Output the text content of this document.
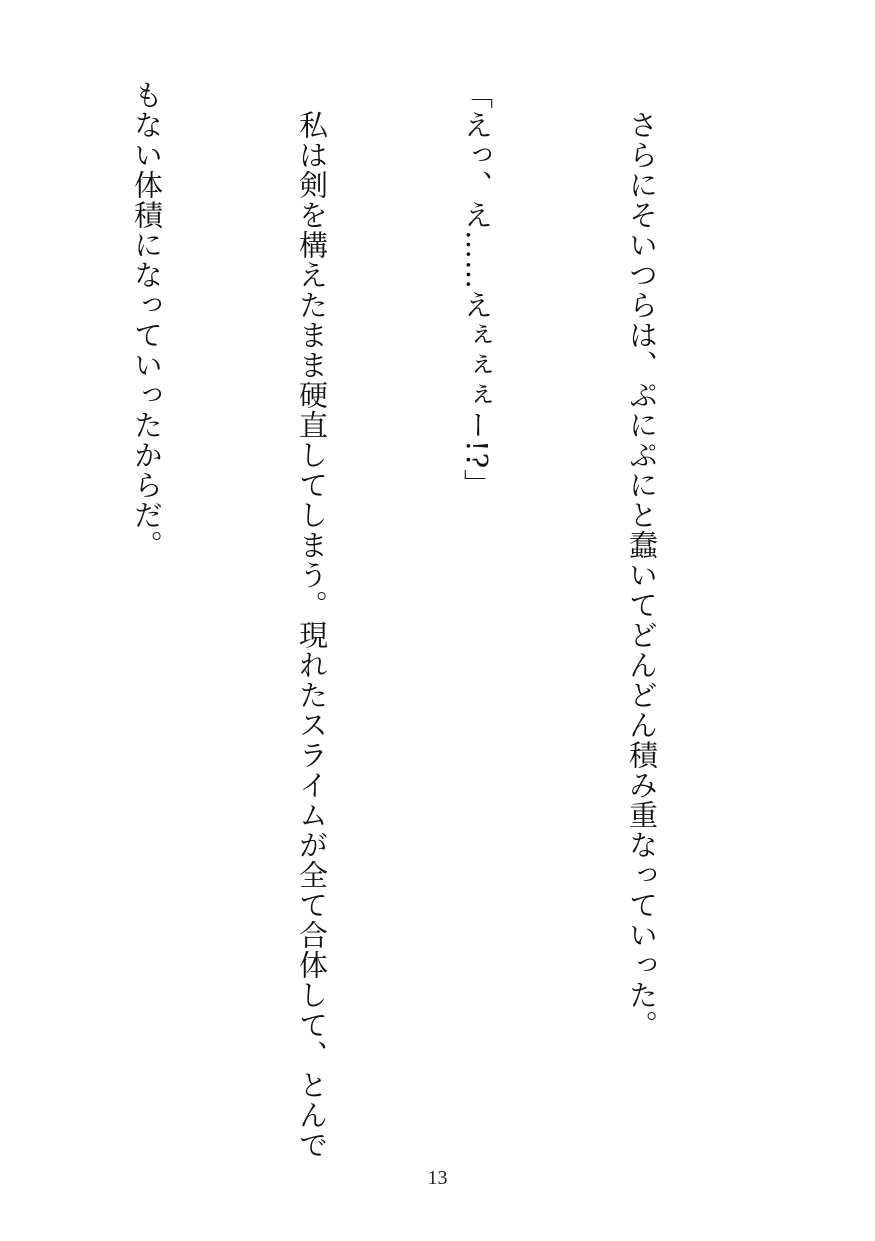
　さらにそいつらは、ぷにぷにと蠢いてどんどん積み重なっていった。

「えっ、え……えぇぇぇー!?」

　私は剣を構えたまま硬直してしまう。現れたスライムが全て合体して、とんで

もない体積になっていったからだ。

13
